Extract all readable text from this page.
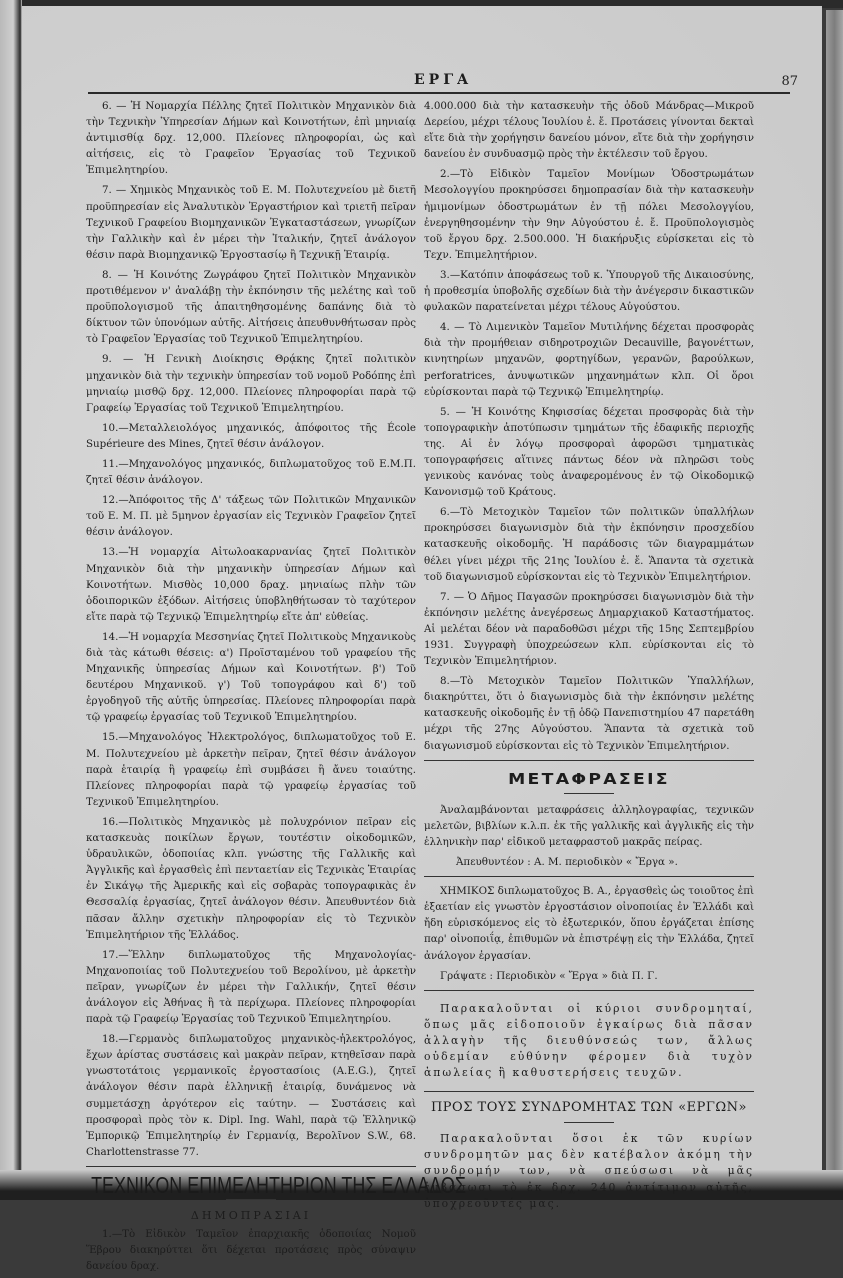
ΕΡΓΑ	87

6. — Ἡ Νομαρχία Πέλλης ζητεῖ Πολιτικὸν Μηχανικὸν διὰ τὴν Τεχνικὴν Ὑπηρεσίαν Δήμων καὶ Κοινοτήτων, ἐπὶ μηνιαίᾳ ἀντιμισθίᾳ δρχ. 12,000. Πλείονες πληροφορίαι, ὡς καὶ αἰτήσεις, εἰς τὸ Γραφεῖον Ἐργασίας τοῦ Τεχνικοῦ Ἐπιμελητηρίου.

7. — Χημικὸς Μηχανικὸς τοῦ Ε. Μ. Πολυτεχνείου μὲ διετῆ προϋπηρεσίαν εἰς Ἀναλυτικὸν Ἐργαστήριον καὶ τριετῆ πεῖραν Τεχνικοῦ Γραφείου Βιομηχανικῶν Ἐγκαταστάσεων, γνωρίζων τὴν Γαλλικὴν καὶ ἐν μέρει τὴν Ἰταλικήν, ζητεῖ ἀνάλογον θέσιν παρὰ Βιομηχανικῷ Ἐργοστασίῳ ἢ Τεχνικῇ Ἑταιρίᾳ.

8. — Ἡ Κοινότης Ζωγράφου ζητεῖ Πολιτικὸν Μηχανικὸν προτιθέμενον ν' ἀναλάβῃ τὴν ἐκπόνησιν τῆς μελέτης καὶ τοῦ προϋπολογισμοῦ τῆς ἀπαιτηθησομένης δαπάνης διὰ τὸ δίκτυον τῶν ὑπονόμων αὐτῆς. Αἰτήσεις ἀπευθυνθήτωσαν πρὸς τὸ Γραφεῖον Ἐργασίας τοῦ Τεχνικοῦ Ἐπιμελητηρίου.

9. — Ἡ Γενικὴ Διοίκησις Θρᾴκης ζητεῖ πολιτικὸν μηχανικὸν διὰ τὴν τεχνικὴν ὑπηρεσίαν τοῦ νομοῦ Ροδόπης ἐπὶ μηνιαίῳ μισθῷ δρχ. 12,000. Πλείονες πληροφορίαι παρὰ τῷ Γραφείῳ Ἐργασίας τοῦ Τεχνικοῦ Ἐπιμελητηρίου.

10.—Μεταλλειολόγος μηχανικός, ἀπόφοιτος τῆς École Supérieure des Mines, ζητεῖ θέσιν ἀνάλογον.

11.—Μηχανολόγος μηχανικός, διπλωματοῦχος τοῦ Ε.Μ.Π. ζητεῖ θέσιν ἀνάλογον.

12.—Ἀπόφοιτος τῆς Δ' τάξεως τῶν Πολιτικῶν Μηχανικῶν τοῦ Ε. Μ. Π. μὲ 5μηνον ἐργασίαν εἰς Τεχνικὸν Γραφεῖον ζητεῖ θέσιν ἀνάλογον.

13.—Ἡ νομαρχία Αἰτωλοακαρνανίας ζητεῖ Πολιτικὸν Μηχανικὸν διὰ τὴν μηχανικὴν ὑπηρεσίαν Δήμων καὶ Κοινοτήτων. Μισθὸς 10,000 δραχ. μηνιαίως πλὴν τῶν ὁδοιπορικῶν ἐξόδων. Αἰτήσεις ὑποβληθήτωσαν τὸ ταχύτερον εἴτε παρὰ τῷ Τεχνικῷ Ἐπιμελητηρίῳ εἴτε ἀπ' εὐθείας.

14.—Ἡ νομαρχία Μεσσηνίας ζητεῖ Πολιτικοὺς Μηχανικοὺς διὰ τὰς κάτωθι θέσεις: α') Προϊσταμένου τοῦ γραφείου τῆς Μηχανικῆς ὑπηρεσίας Δήμων καὶ Κοινοτήτων. β') Τοῦ δευτέρου Μηχανικοῦ. γ') Τοῦ τοπογράφου καὶ δ') τοῦ ἐργοδηγοῦ τῆς αὐτῆς ὑπηρεσίας. Πλείονες πληροφορίαι παρὰ τῷ γραφείῳ ἐργασίας τοῦ Τεχνικοῦ Ἐπιμελητηρίου.

15.—Μηχανολόγος Ἠλεκτρολόγος, διπλωματοῦχος τοῦ Ε. Μ. Πολυτεχνείου μὲ ἀρκετὴν πεῖραν, ζητεῖ θέσιν ἀνάλογον παρὰ ἑταιρίᾳ ἢ γραφείῳ ἐπὶ συμβάσει ἢ ἄνευ τοιαύτης. Πλείονες πληροφορίαι παρὰ τῷ γραφείῳ ἐργασίας τοῦ Τεχνικοῦ Ἐπιμελητηρίου.

16.—Πολιτικὸς Μηχανικὸς μὲ πολυχρόνιον πεῖραν εἰς κατασκευὰς ποικίλων ἔργων, τουτέστιν οἰκοδομικῶν, ὑδραυλικῶν, ὁδοποιίας κλπ. γνώστης τῆς Γαλλικῆς καὶ Ἀγγλικῆς καὶ ἐργασθεὶς ἐπὶ πενταετίαν εἰς Τεχνικὰς Ἑταιρίας ἐν Σικάγῳ τῆς Ἀμερικῆς καὶ εἰς σοβαρὰς τοπογραφικὰς ἐν Θεσσαλίᾳ ἐργασίας, ζητεῖ ἀνάλογον θέσιν. Ἀπευθυντέον διὰ πᾶσαν ἄλλην σχετικὴν πληροφορίαν εἰς τὸ Τεχνικὸν Ἐπιμελητήριον τῆς Ἑλλάδος.

17.—Ἕλλην διπλωματοῦχος τῆς Μηχανολογίας-Μηχανοποιίας τοῦ Πολυτεχνείου τοῦ Βερολίνου, μὲ ἀρκετὴν πεῖραν, γνωρίζων ἐν μέρει τὴν Γαλλικήν, ζητεῖ θέσιν ἀνάλογον εἰς Ἀθήνας ἢ τὰ περίχωρα. Πλείονες πληροφορίαι παρὰ τῷ Γραφείῳ Ἐργασίας τοῦ Τεχνικοῦ Ἐπιμελητηρίου.

18.—Γερμανὸς διπλωματοῦχος μηχανικὸς-ἠλεκτρολόγος, ἔχων ἀρίστας συστάσεις καὶ μακρὰν πεῖραν, κτηθεῖσαν παρὰ γνωστοτάτοις γερμανικοῖς ἐργοστασίοις (A.E.G.), ζητεῖ ἀνάλογον θέσιν παρὰ ἑλληνικῇ ἑταιρίᾳ, δυνάμενος νὰ συμμετάσχῃ ἀργότερον εἰς ταύτην. — Συστάσεις καὶ προσφοραὶ πρὸς τὸν κ. Dipl. Ing. Wahl, παρὰ τῷ Ἑλληνικῷ Ἐμπορικῷ Ἐπιμελητηρίῳ ἐν Γερμανίᾳ, Βερολῖνον S.W., 68. Charlottenstrasse 77.

ΤΕΧΝΙΚΟΝ ΕΠΙΜΕΛΗΤΗΡΙΟΝ ΤΗΣ ΕΛΛΑΔΟΣ
ΔΗΜΟΠΡΑΣΙΑΙ

1.—Τὸ Εἰδικὸν Ταμεῖον ἐπαρχιακῆς ὁδοποιίας Νομοῦ Ἕβρου διακηρύττει ὅτι δέχεται προτάσεις πρὸς σύναψιν δανείου δραχ.

4.000.000 διὰ τὴν κατασκευὴν τῆς ὁδοῦ Μάνδρας—Μικροῦ Δερείου, μέχρι τέλους Ἰουλίου ἐ. ἔ. Προτάσεις γίνονται δεκταὶ εἴτε διὰ τὴν χορήγησιν δανείου μόνον, εἴτε διὰ τὴν χορήγησιν δανείου ἐν συνδυασμῷ πρὸς τὴν ἐκτέλεσιν τοῦ ἔργου.

2.—Τὸ Εἰδικὸν Ταμεῖον Μονίμων Ὁδοστρωμάτων Μεσολογγίου προκηρύσσει δημοπρασίαν διὰ τὴν κατασκευὴν ἡμιμονίμων ὁδοστρωμάτων ἐν τῇ πόλει Μεσολογγίου, ἐνεργηθησομένην τὴν 9ην Αὐγούστου ἐ. ἔ. Προϋπολογισμὸς τοῦ ἔργου δρχ. 2.500.000. Ἡ διακήρυξις εὑρίσκεται εἰς τὸ Τεχν. Ἐπιμελητήριον.

3.—Κατόπιν ἀποφάσεως τοῦ κ. Ὑπουργοῦ τῆς Δικαιοσύνης, ἡ προθεσμία ὑποβολῆς σχεδίων διὰ τὴν ἀνέγερσιν δικαστικῶν φυλακῶν παρατείνεται μέχρι τέλους Αὐγούστου.

4. — Τὸ Λιμενικὸν Ταμεῖον Μυτιλήνης δέχεται προσφορὰς διὰ τὴν προμήθειαν σιδηροτροχιῶν Decauville, βαγονέττων, κινητηρίων μηχανῶν, φορτηγίδων, γερανῶν, βαρούλκων, perforatrices, ἀνυψωτικῶν μηχανημάτων κλπ. Οἱ ὅροι εὑρίσκονται παρὰ τῷ Τεχνικῷ Ἐπιμελητηρίῳ.

5. — Ἡ Κοινότης Κηφισσίας δέχεται προσφορὰς διὰ τὴν τοπογραφικὴν ἀποτύπωσιν τμημάτων τῆς ἐδαφικῆς περιοχῆς της. Αἱ ἐν λόγῳ προσφοραὶ ἀφορῶσι τμηματικὰς τοπογραφήσεις αἵτινες πάντως δέον νὰ πληρῶσι τοὺς γενικοὺς κανόνας τοὺς ἀναφερομένους ἐν τῷ Οἰκοδομικῷ Κανονισμῷ τοῦ Κράτους.

6.—Τὸ Μετοχικὸν Ταμεῖον τῶν πολιτικῶν ὑπαλλήλων προκηρύσσει διαγωνισμὸν διὰ τὴν ἐκπόνησιν προσχεδίου κατασκευῆς οἰκοδομῆς. Ἡ παράδοσις τῶν διαγραμμάτων θέλει γίνει μέχρι τῆς 21ης Ἰουλίου ἐ. ἔ. Ἅπαντα τὰ σχετικὰ τοῦ διαγωνισμοῦ εὑρίσκονται εἰς τὸ Τεχνικὸν Ἐπιμελητήριον.

7. — Ὁ Δῆμος Παγασῶν προκηρύσσει διαγωνισμὸν διὰ τὴν ἐκπόνησιν μελέτης ἀνεγέρσεως Δημαρχιακοῦ Καταστήματος. Αἱ μελέται δέον νὰ παραδοθῶσι μέχρι τῆς 15ης Σεπτεμβρίου 1931. Συγγραφὴ ὑποχρεώσεων κλπ. εὑρίσκονται εἰς τὸ Τεχνικὸν Ἐπιμελητήριον.

8.—Τὸ Μετοχικὸν Ταμεῖον Πολιτικῶν Ὑπαλλήλων, διακηρύττει, ὅτι ὁ διαγωνισμὸς διὰ τὴν ἐκπόνησιν μελέτης κατασκευῆς οἰκοδομῆς ἐν τῇ ὁδῷ Πανεπιστημίου 47 παρετάθη μέχρι τῆς 27ης Αὐγούστου. Ἅπαντα τὰ σχετικὰ τοῦ διαγωνισμοῦ εὑρίσκονται εἰς τὸ Τεχνικὸν Ἐπιμελητήριον.

ΜΕΤΑΦΡΑΣΕΙΣ

Ἀναλαμβάνονται μεταφράσεις ἀλληλογραφίας, τεχνικῶν μελετῶν, βιβλίων κ.λ.π. ἐκ τῆς γαλλικῆς καὶ ἀγγλικῆς εἰς τὴν ἑλληνικὴν παρ' εἰδικοῦ μεταφραστοῦ μακρᾶς πείρας.

Ἀπευθυντέον : Α. Μ. περιοδικὸν « Ἔργα ».

ΧΗΜΙΚΟΣ διπλωματοῦχος Β. Α., ἐργασθεὶς ὡς τοιοῦτος ἐπὶ ἑξαετίαν εἰς γνωστὸν ἐργοστάσιον οἰνοποιίας ἐν Ἑλλάδι καὶ ἤδη εὑρισκόμενος εἰς τὸ ἐξωτερικόν, ὅπου ἐργάζεται ἐπίσης παρ' οἰνοποιΐᾳ, ἐπιθυμῶν νὰ ἐπιστρέψῃ εἰς τὴν Ἑλλάδα, ζητεῖ ἀνάλογον ἐργασίαν.

Γράψατε : Περιοδικὸν « Ἔργα » διὰ Π. Γ.

Παρακαλοῦνται οἱ κύριοι συνδρομηταί, ὅπως μᾶς εἰδοποιοῦν ἐγκαίρως διὰ πᾶσαν ἀλλαγὴν τῆς διευθύνσεώς των, ἄλλως οὐδεμίαν εὐθύνην φέρομεν διὰ τυχὸν ἀπωλείας ἢ καθυστερήσεις τευχῶν.

ΠΡΟΣ ΤΟΥΣ ΣΥΝΔΡΟΜΗΤΑΣ ΤΩΝ «ΕΡΓΩΝ»

Παρακαλοῦνται ὅσοι ἐκ τῶν κυρίων συνδρομητῶν μας δὲν κατέβαλον ἀκόμη τὴν συνδρομήν των, νὰ σπεύσωσι νὰ μᾶς ἐμβάσωσι τὸ ἐκ δρχ. 240 ἀντίτιμον αὐτῆς, ὑποχρεοῦντές μας.
